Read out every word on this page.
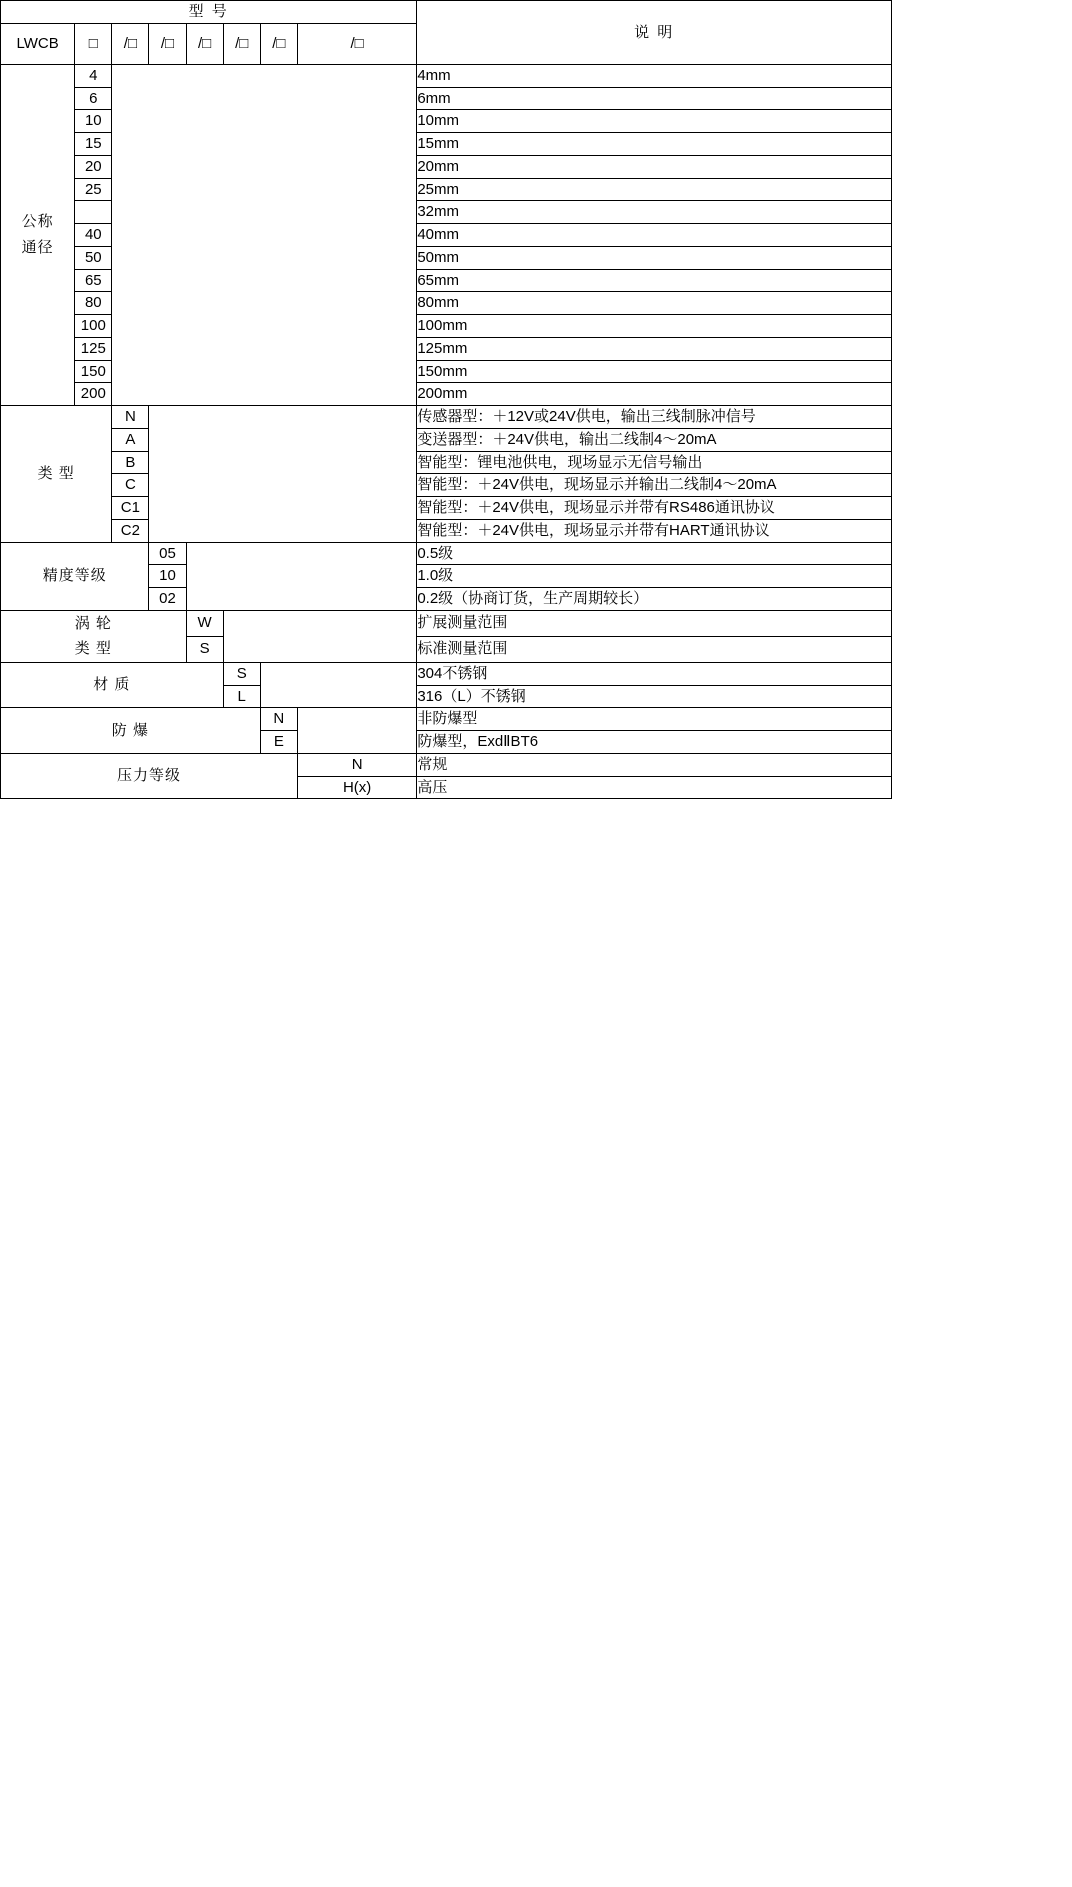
型 号								说 明
LWCB	□	/□	/□	/□	/□	/□	/□	

公称
通径	4							4mm
	6							6mm
	10							10mm
	15							15mm
	20							20mm
	25							25mm
								32mm
	40							40mm
	50							50mm
	65							65mm
	80							80mm
	100							100mm
	125							125mm
	150							150mm
	200							200mm
类 型		N						传感器型：＋12V或24V供电，输出三线制脉冲信号
		A						变送器型：＋24V供电，输出二线制4～20mA
		B						智能型：锂电池供电，现场显示无信号输出
		C						智能型：＋24V供电，现场显示并输出二线制4～20mA
		C1						智能型：＋24V供电，现场显示并带有RS486通讯协议
		C2						智能型：＋24V供电，现场显示并带有HART通讯协议
精度等级			05					0.5级
			10					1.0级
			02					0.2级（协商订货，生产周期较长）

涡 轮
类 型				W				扩展测量范围
				S				标准测量范围
材 质					S			304不锈钢
					L			316（L）不锈钢
防 爆						N		非防爆型
						E		防爆型，ExdⅡBT6
压力等级							N	常规
							H(x)	高压
